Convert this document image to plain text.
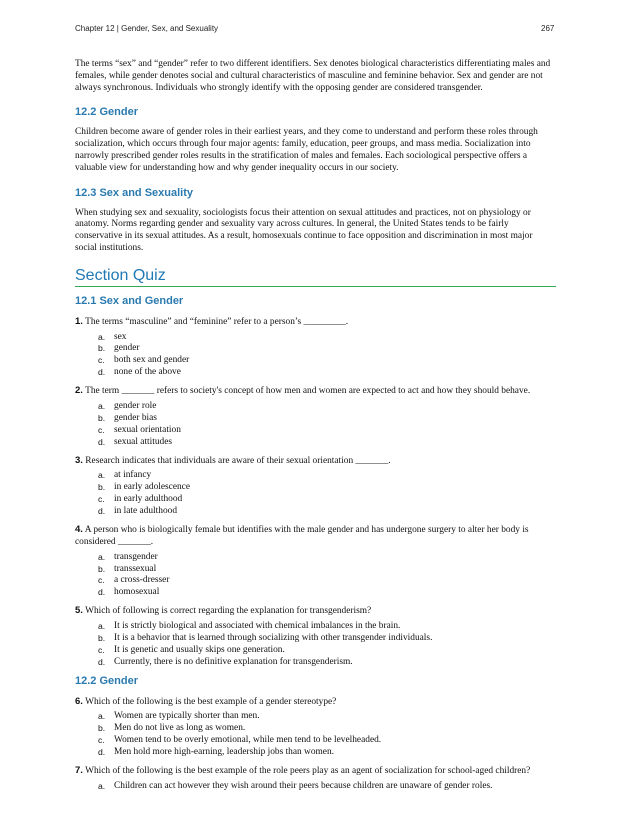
Chapter 12 | Gender, Sex, and Sexuality	267

The terms “sex” and “gender” refer to two different identifiers. Sex denotes biological characteristics differentiating males and females, while gender denotes social and cultural characteristics of masculine and feminine behavior. Sex and gender are not always synchronous. Individuals who strongly identify with the opposing gender are considered transgender.

12.2 Gender

Children become aware of gender roles in their earliest years, and they come to understand and perform these roles through socialization, which occurs through four major agents: family, education, peer groups, and mass media. Socialization into narrowly prescribed gender roles results in the stratification of males and females. Each sociological perspective offers a valuable view for understanding how and why gender inequality occurs in our society.

12.3 Sex and Sexuality

When studying sex and sexuality, sociologists focus their attention on sexual attitudes and practices, not on physiology or anatomy. Norms regarding gender and sexuality vary across cultures. In general, the United States tends to be fairly conservative in its sexual attitudes. As a result, homosexuals continue to face opposition and discrimination in most major social institutions.

Section Quiz
12.1 Sex and Gender
1. The terms “masculine” and “feminine” refer to a person’s _________.
a. sex
b. gender
c. both sex and gender
d. none of the above
2. The term _______ refers to society's concept of how men and women are expected to act and how they should behave.
a. gender role
b. gender bias
c. sexual orientation
d. sexual attitudes
3. Research indicates that individuals are aware of their sexual orientation _______.
a. at infancy
b. in early adolescence
c. in early adulthood
d. in late adulthood
4. A person who is biologically female but identifies with the male gender and has undergone surgery to alter her body is considered _______.
a. transgender
b. transsexual
c. a cross-dresser
d. homosexual
5. Which of following is correct regarding the explanation for transgenderism?
a. It is strictly biological and associated with chemical imbalances in the brain.
b. It is a behavior that is learned through socializing with other transgender individuals.
c. It is genetic and usually skips one generation.
d. Currently, there is no definitive explanation for transgenderism.
12.2 Gender
6. Which of the following is the best example of a gender stereotype?
a. Women are typically shorter than men.
b. Men do not live as long as women.
c. Women tend to be overly emotional, while men tend to be levelheaded.
d. Men hold more high-earning, leadership jobs than women.
7. Which of the following is the best example of the role peers play as an agent of socialization for school-aged children?
a. Children can act however they wish around their peers because children are unaware of gender roles.
